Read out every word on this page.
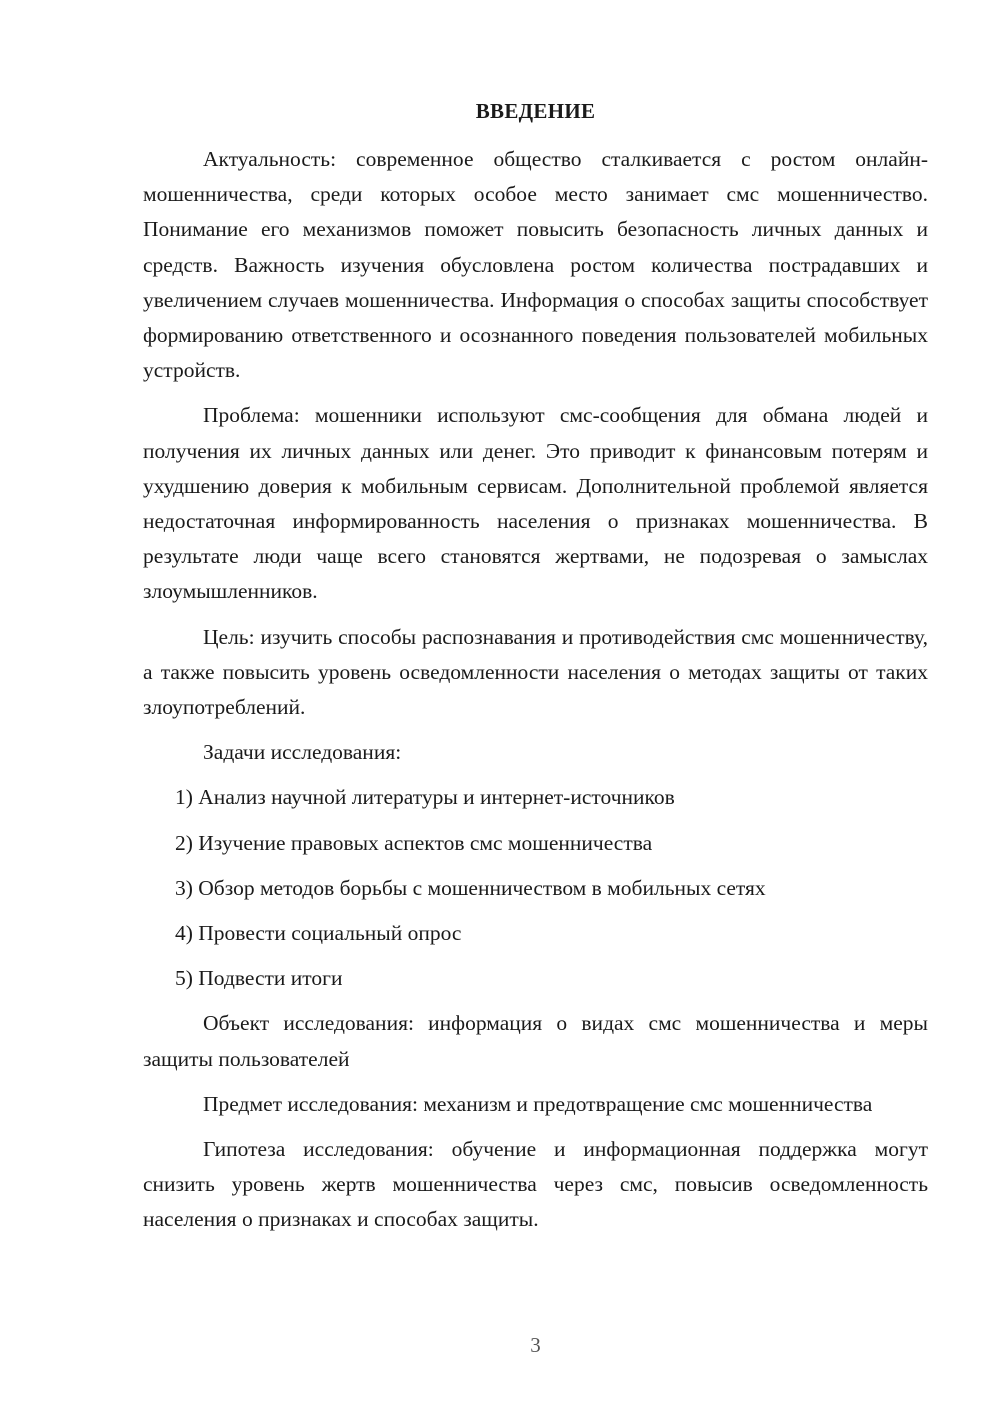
ВВЕДЕНИЕ

Актуальность: современное общество сталкивается с ростом онлайн-мошенничества, среди которых особое место занимает смс мошенничество. Понимание его механизмов поможет повысить безопасность личных данных и средств. Важность изучения обусловлена ростом количества пострадавших и увеличением случаев мошенничества. Информация о способах защиты способствует формированию ответственного и осознанного поведения пользователей мобильных устройств.

Проблема: мошенники используют смс-сообщения для обмана людей и получения их личных данных или денег. Это приводит к финансовым потерям и ухудшению доверия к мобильным сервисам. Дополнительной проблемой является недостаточная информированность населения о признаках мошенничества. В результате люди чаще всего становятся жертвами, не подозревая о замыслах злоумышленников.

Цель: изучить способы распознавания и противодействия смс мошенничеству, а также повысить уровень осведомленности населения о методах защиты от таких злоупотреблений.

Задачи исследования:

1) Анализ научной литературы и интернет-источников

2) Изучение правовых аспектов смс мошенничества

3) Обзор методов борьбы с мошенничеством в мобильных сетях

4) Провести социальный опрос

5) Подвести итоги

Объект исследования: информация о видах смс мошенничества и меры защиты пользователей

Предмет исследования: механизм и предотвращение смс мошенничества

Гипотеза исследования: обучение и информационная поддержка могут снизить уровень жертв мошенничества через смс, повысив осведомленность населения о признаках и способах защиты.

3
